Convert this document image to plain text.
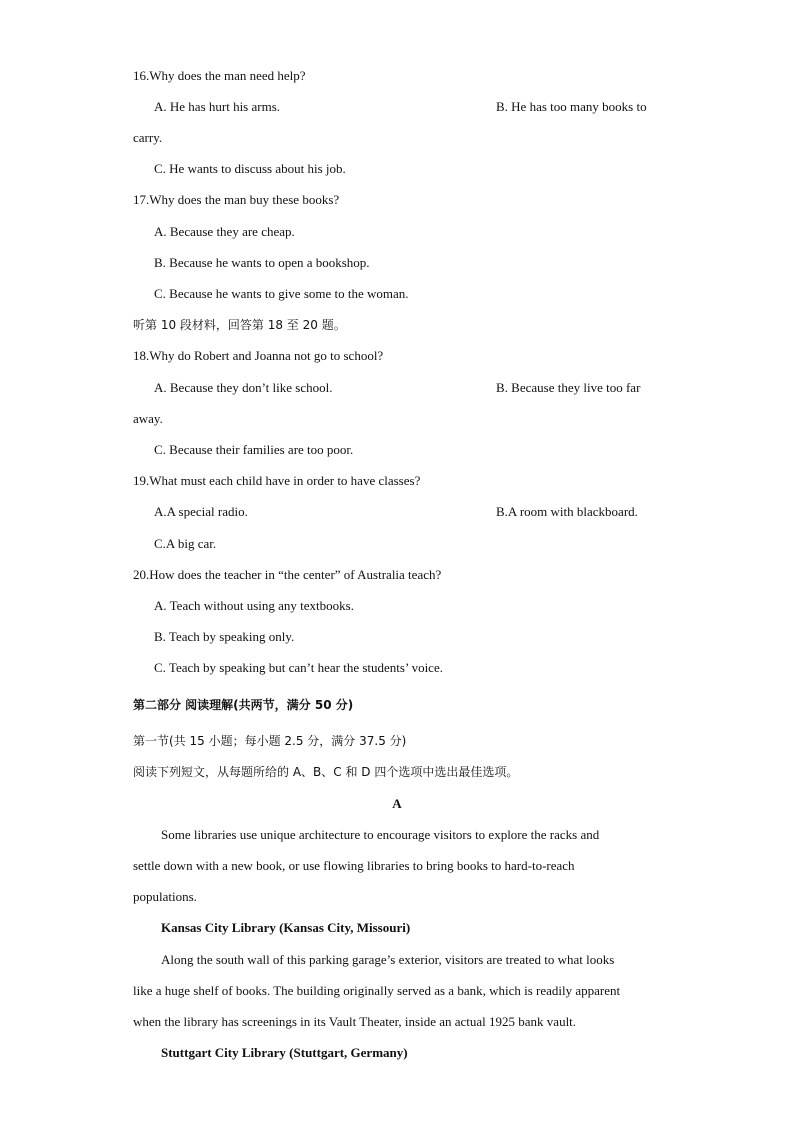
16.Why does the man need help?
A. He has hurt his arms.	B. He has too many books to
carry.
C. He wants to discuss about his job.
17.Why does the man buy these books?
A. Because they are cheap.
B. Because he wants to open a bookshop.
C. Because he wants to give some to the woman.
听第 10 段材料，回答第 18 至 20 题。
18.Why do Robert and Joanna not go to school?
A. Because they don’t like school.	B. Because they live too far
away.
C. Because their families are too poor.
19.What must each child have in order to have classes?
A.A special radio.	B.A room with blackboard.
C.A big car.
20.How does the teacher in “the center” of Australia teach?
A. Teach without using any textbooks.
B. Teach by speaking only.
C. Teach by speaking but can’t hear the students’ voice.
第二部分 阅读理解(共两节，满分 50 分)
第一节(共 15 小题；每小题 2.5 分，满分 37.5 分)
阅读下列短文，从每题所给的 A、B、C 和 D 四个选项中选出最佳选项。
A
Some libraries use unique architecture to encourage visitors to explore the racks and
settle down with a new book, or use flowing libraries to bring books to hard-to-reach
populations.
Kansas City Library (Kansas City, Missouri)
Along the south wall of this parking garage’s exterior, visitors are treated to what looks
like a huge shelf of books. The building originally served as a bank, which is readily apparent
when the library has screenings in its Vault Theater, inside an actual 1925 bank vault.
Stuttgart City Library (Stuttgart, Germany)
